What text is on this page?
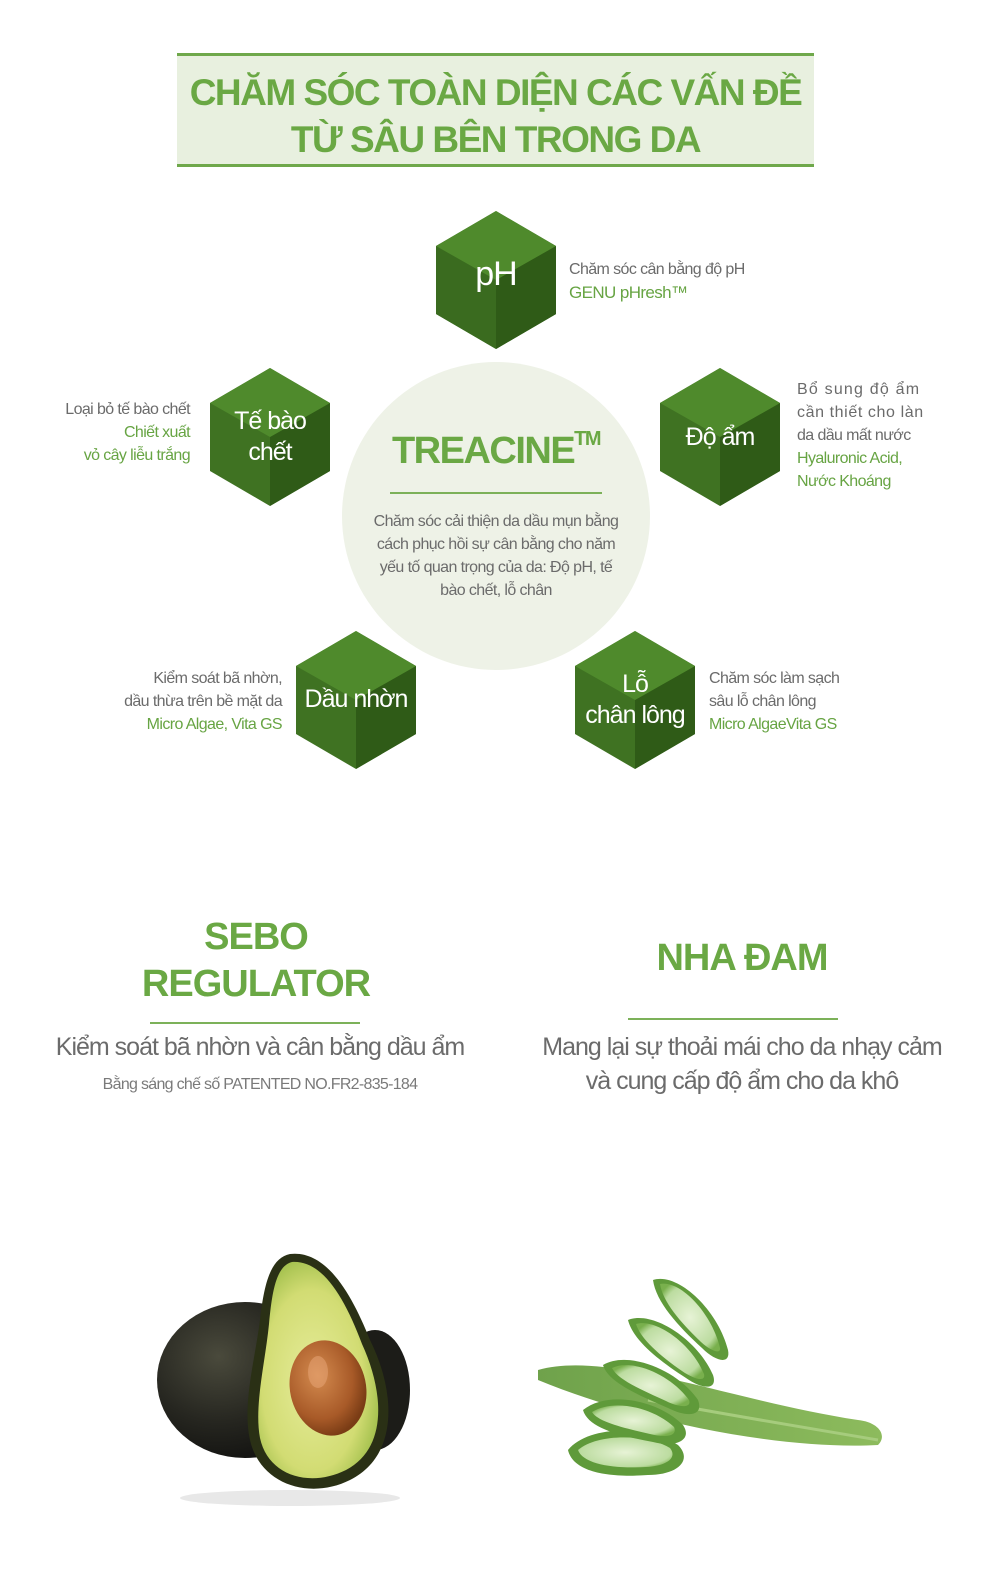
CHĂM SÓC TOÀN DIỆN CÁC VẤN ĐỀ
TỪ SÂU BÊN TRONG DA
pH	Chăm sóc cân bằng độ pH
GENU pHresh™
Tế bào
chết
Loại bỏ tế bào chết
Chiết xuất
vỏ cây liễu trắng
Độ ẩm
Bổ sung độ ẩm
cần thiết cho làn
da dầu mất nước
Hyaluronic Acid,
Nước Khoáng
TREACINE™
Chăm sóc cải thiện da dầu mụn bằng cách phục hồi sự cân bằng cho năm yếu tố quan trọng của da: Độ pH, tế bào chết, lỗ chân
Dầu nhờn
Kiểm soát bã nhờn,
dầu thừa trên bề mặt da
Micro Algae, Vita GS
Lỗ
chân lông
Chăm sóc làm sạch
sâu lỗ chân lông
Micro AlgaeVita GS
SEBO
REGULATOR
Kiểm soát bã nhờn và cân bằng dầu ẩm
Bằng sáng chế số PATENTED NO.FR2-835-184
NHA ĐAM
Mang lại sự thoải mái cho da nhạy cảm
và cung cấp độ ẩm cho da khô
